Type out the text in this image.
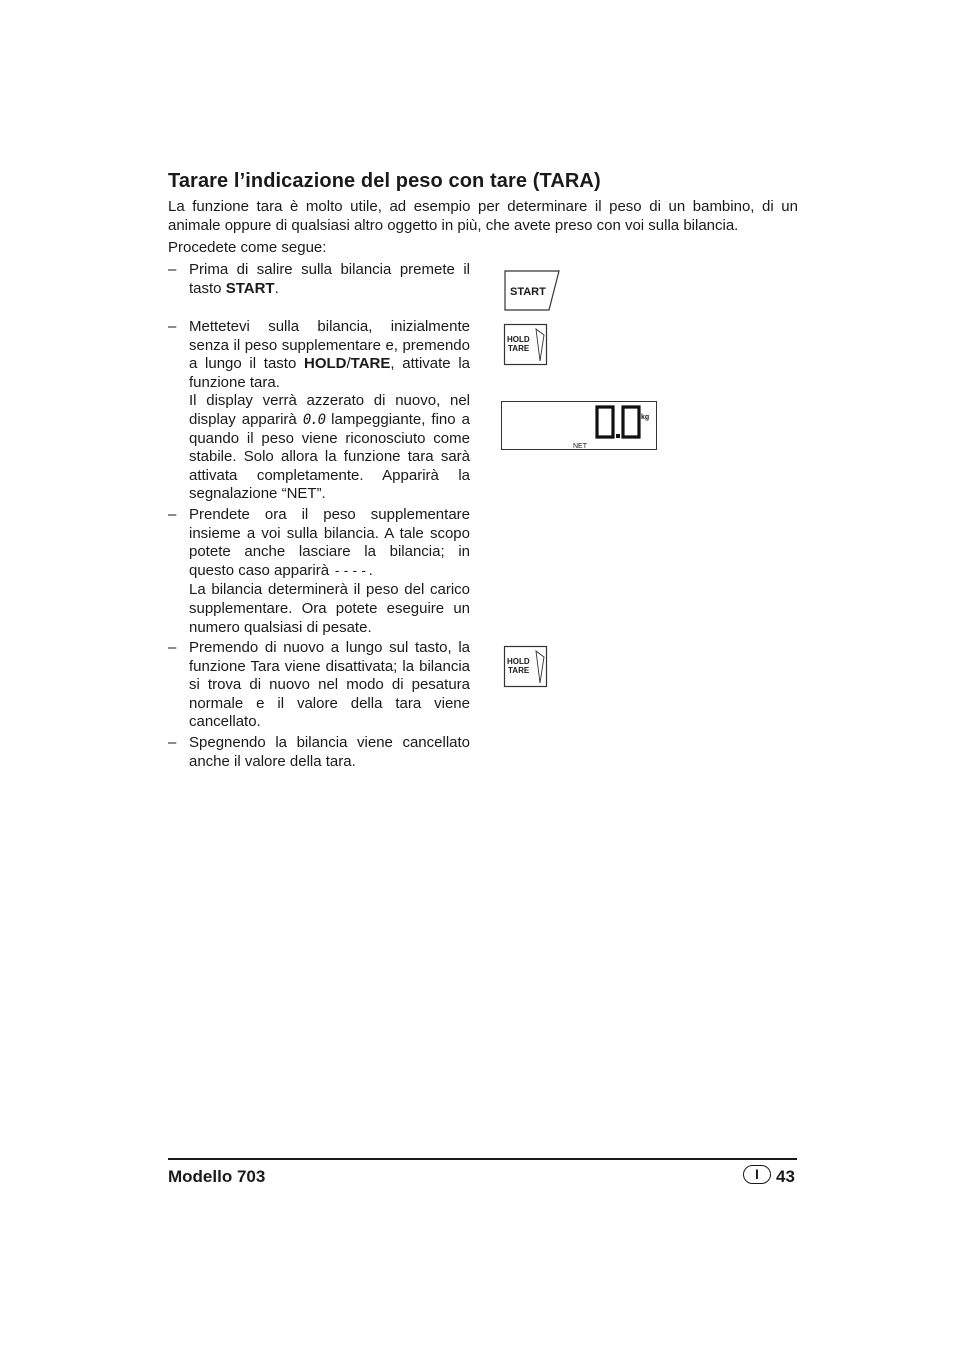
Tarare l’indicazione del peso con tare (TARA)

La funzione tara è molto utile, ad esempio per determinare il peso di un bambino, di un animale oppure di qualsiasi altro oggetto in più, che avete preso con voi sulla bilancia.

Procedete come segue:

– Prima di salire sulla bilancia premete il tasto START.

– Mettetevi sulla bilancia, inizialmente senza il peso supplementare e, premendo a lungo il tasto HOLD/TARE, attivate la funzione tara.

Il display verrà azzerato di nuovo, nel display apparirà 0.0 lampeggiante, fino a quando il peso viene riconosciuto come stabile. Solo allora la funzione tara sarà attivata completamente. Apparirà la segnalazione “NET”.

– Prendete ora il peso supplementare insieme a voi sulla bilancia. A tale scopo potete anche lasciare la bilancia; in questo caso apparirà ----.

La bilancia determinerà il peso del carico supplementare. Ora potete eseguire un numero qualsiasi di pesate.

– Premendo di nuovo a lungo sul tasto, la funzione Tara viene disattivata; la bilancia si trova di nuovo nel modo di pesatura normale e il valore della tara viene cancellato.

– Spegnendo la bilancia viene cancellato anche il valore della tara.

START
HOLD
TARE
kg
NET
HOLD
TARE
Modello 703	I	43
